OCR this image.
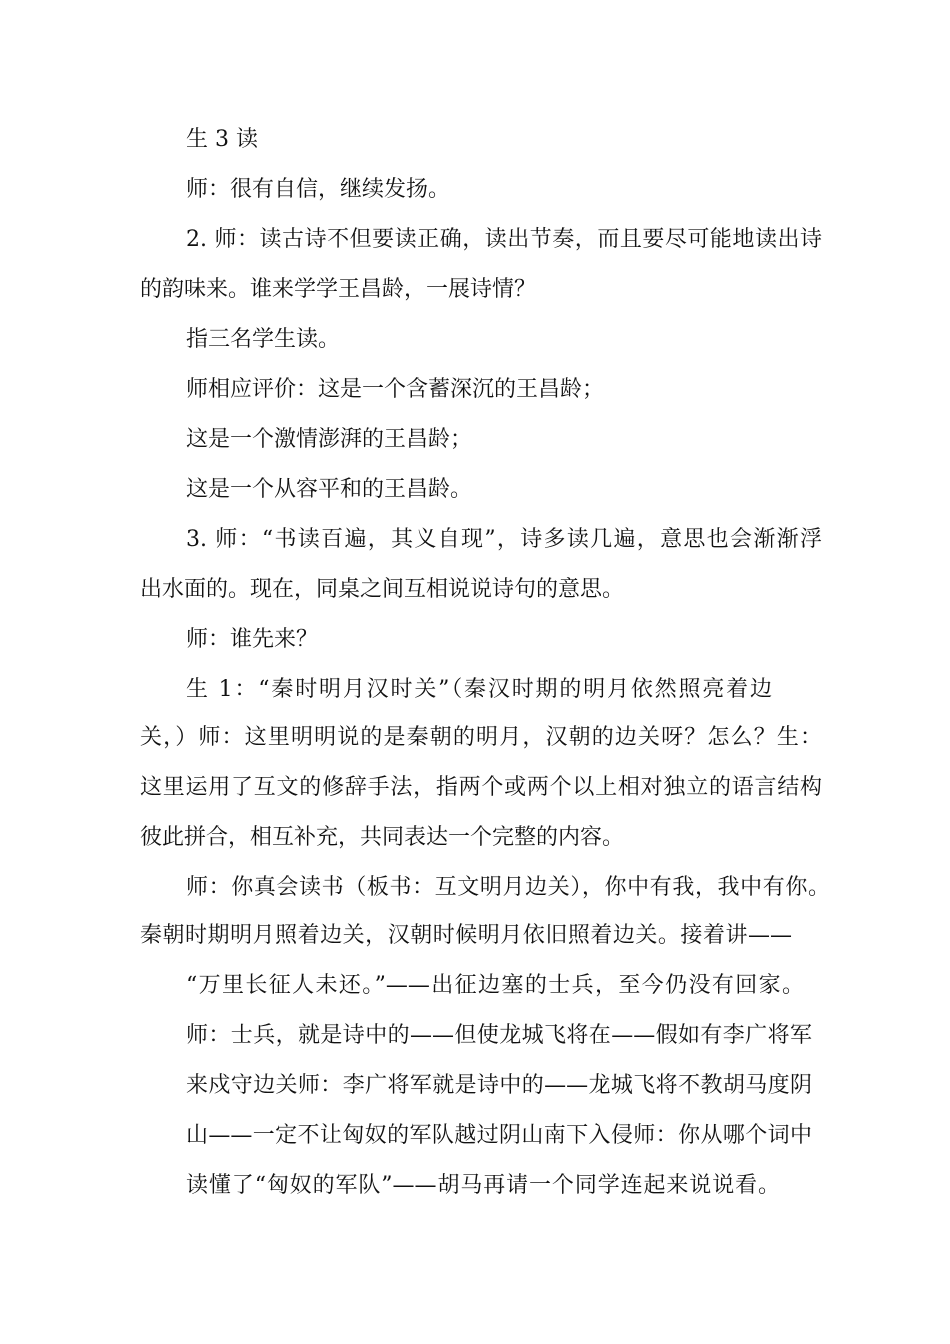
生 3 读
师：很有自信，继续发扬。
2. 师：读古诗不但要读正确，读出节奏，而且要尽可能地读出诗
的韵味来。谁来学学王昌龄，一展诗情？
指三名学生读。
师相应评价：这是一个含蓄深沉的王昌龄；
这是一个激情澎湃的王昌龄；
这是一个从容平和的王昌龄。
3. 师：“书读百遍，其义自现”，诗多读几遍，意思也会渐渐浮
出水面的。现在，同桌之间互相说说诗句的意思。
师：谁先来？
生 1：“秦时明月汉时关”（秦汉时期的明月依然照亮着边
关，）师：这里明明说的是秦朝的明月，汉朝的边关呀？怎么？生：
这里运用了互文的修辞手法，指两个或两个以上相对独立的语言结构
彼此拼合，相互补充，共同表达一个完整的内容。
师：你真会读书（板书：互文明月边关），你中有我，我中有你。
秦朝时期明月照着边关，汉朝时候明月依旧照着边关。接着讲——
“万里长征人未还。”——出征边塞的士兵，至今仍没有回家。
师：士兵，就是诗中的——但使龙城飞将在——假如有李广将军
来戍守边关师：李广将军就是诗中的——龙城飞将不教胡马度阴
山——一定不让匈奴的军队越过阴山南下入侵师：你从哪个词中
读懂了“匈奴的军队”——胡马再请一个同学连起来说说看。
